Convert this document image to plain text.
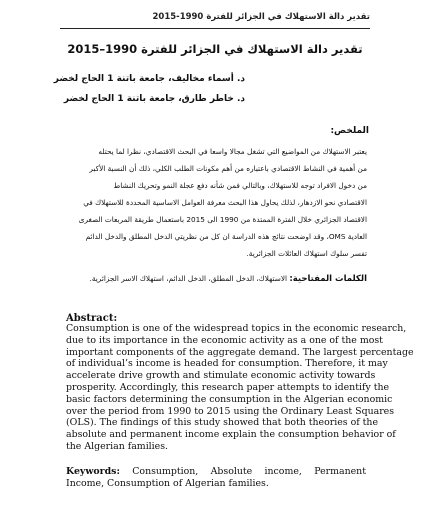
تقدير دالة الاستهلاك في الجزائر للفترة 1990-2015
تقدير دالة الاستهلاك في الجزائر للفترة 1990–2015
د. أسماء مخاليف، جامعة باتنة 1 الحاج لخضر
د. خاطر طارق، جامعة باتنة 1 الحاج لخضر
الملخص:
يعتبر الاستهلاك من المواضيع التي تشغل مجالا واسعا في البحث الاقتصادي، نظرا لما يحتله
من أهمية في النشاط الاقتصادي باعتباره من أهم مكونات الطلب الكلي، ذلك أن النسبة الأكبر
من دخول الافراد توجه للاستهلاك، وبالتالي فمن شأنه دفع عجلة النمو وتحريك النشاط
الاقتصادي نحو الازدهار، لذلك يحاول هذا البحث معرفة العوامل الاساسية المحددة للاستهلاك في
الاقتصاد الجزائري خلال الفترة الممتدة من 1990 الى 2015 باستعمال طريقة المربعات الصغرى
العادية OMS، وقد اوضحت نتائج هذه الدراسة ان كل من نظريتي الدخل المطلق والدخل الدائم
تفسر سلوك استهلاك العائلات الجزائرية.
الكلمات المفتاحية: الاستهلاك، الدخل المطلق، الدخل الدائم، استهلاك الاسر الجزائرية.
Abstract:
Consumption is one of the widespread topics in the economic research,
due to its importance in the economic activity as a one of the most
important components of the aggregate demand. The largest percentage
of individual’s income is headed for consumption. Therefore, it may
accelerate drive growth and stimulate economic activity towards
prosperity. Accordingly, this research paper attempts to identify the
basic factors determining the consumption in the Algerian economic
over the period from 1990 to 2015 using the Ordinary Least Squares
(OLS). The findings of this study showed that both theories of the
absolute and permanent income explain the consumption behavior of
the Algerian families.
Keywords: Consumption, Absolute income, Permanent Income, Consumption of Algerian families.
